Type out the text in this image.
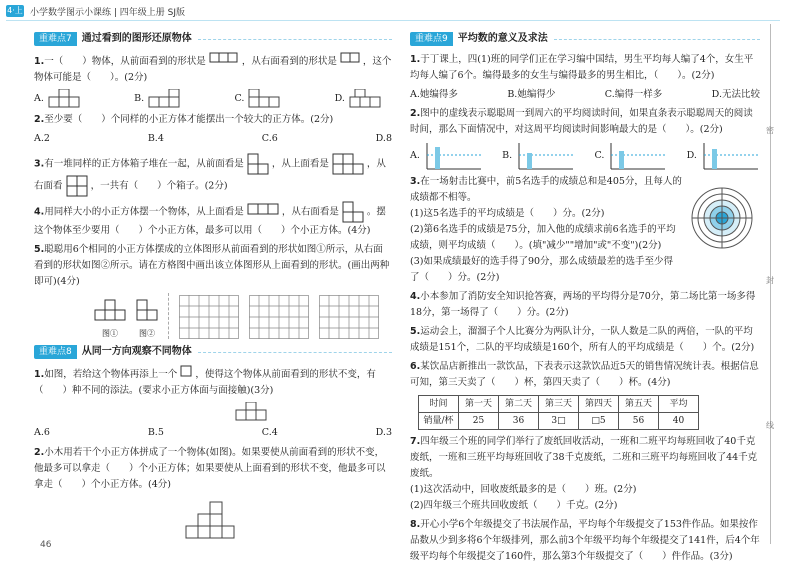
4·上 小学数学图示小课练 | 四年级上册 SJ版
密
封
线
重难点7	通过看到的图形还原物体
1.一（　　）物体，从前面看到的形状是	，从右面看到的形状是	，这个物体可能是（　　）。(2分)
A.	B.	C.	D.
2.至少要（　　）个同样的小正方体才能摆出一个较大的正方体。(2分)
A.2	B.4	C.6	D.8
3.有一堆同样的正方体箱子堆在一起，从前面看是	，从上面看是	，从右面看	，一共有（　　）个箱子。(2分)
4.用同样大小的小正方体摆一个物体，从上面看是	，从右面看是	。摆这个物体至少要用（　　）个小正方体，最多可以用（　　）个小正方体。(4分)
5.聪聪用6个相同的小正方体摆成的立体图形从前面看到的形状如图①所示，从右面看到的形状如图②所示。请在方格图中画出该立体图形从上面看到的形状。(画出两种即可)(4分)
图①	图②
重难点8	从同一方向观察不同物体
1.如图，若给这个物体再添上一个 ，使得这个物体从前面看到的形状不变，有（　　）种不同的添法。(要求小正方体面与面接触)(3分)
A.6	B.5	C.4	D.3
2.小木用若干个小正方体拼成了一个物体(如图)。如果要使从前面看到的形状不变，他最多可以拿走（　　）个小正方体；如果要使从上面看到的形状不变，他最多可以拿走（　　）个小正方体。(4分)
重难点9	平均数的意义及求法
1.于丁课上，四(1)班的同学们正在学习编中国结，男生平均每人编了4个，女生平均每人编了6个。编得最多的女生与编得最多的男生相比，（　　）。(2分)
A.她编得多	B.她编得少	C.编得一样多	D.无法比较
2.图中的虚线表示聪聪周一到周六的平均阅读时间，如果直条表示聪聪周天的阅读时间，那么下面情况中，对这周平均阅读时间影响最大的是（　　）。(2分)
A.	B.	C.	D.
3.在一场射击比赛中，前5名选手的成绩总和是405分，且每人的成绩都不相等。
(1)这5名选手的平均成绩是（　　）分。(2分)
(2)第6名选手的成绩是75分，加入他的成绩求前6名选手的平均成绩，则平均成绩（　　）。(填"减少""增加"或"不变")(2分)
(3)如果成绩最好的选手得了90分，那么成绩最差的选手至少得了（　　）分。(2分)
4.小本参加了消防安全知识抢答赛，两场的平均得分是70分，第二场比第一场多得18分，第一场得了（　　）分。(2分)
5.运动会上，溜溜子个人比赛分为两队计分，一队人数是二队的两倍，一队的平均成绩是151个，二队的平均成绩是160个，所有人的平均成绩是（　　）个。(2分)
6.某饮品店新推出一款饮品，下表表示这款饮品近5天的销售情况统计表。根据信息可知，第三天卖了（　　）杯，第四天卖了（　　）杯。(4分)
时间	第一天	第二天	第三天	第四天	第五天	平均
销量/杯	25	36	3□	□5	56	40
7.四年级三个班的同学们举行了废纸回收活动，一班和二班平均每班回收了40千克废纸，一班和三班平均每班回收了38千克废纸，二班和三班平均每班回收了44千克废纸。
(1)这次活动中，回收废纸最多的是（　　）班。(2分)
(2)四年级三个班共回收废纸（　　）千克。(2分)
8.开心小学6个年级提交了书法展作品，平均每个年级提交了153件作品。如果按作品数从少到多将6个年级排列，那么前3个年级平均每个年级提交了141件，后4个年级平均每个年级提交了160件，那么第3个年级提交了（　　）件作品。(3分)
46
